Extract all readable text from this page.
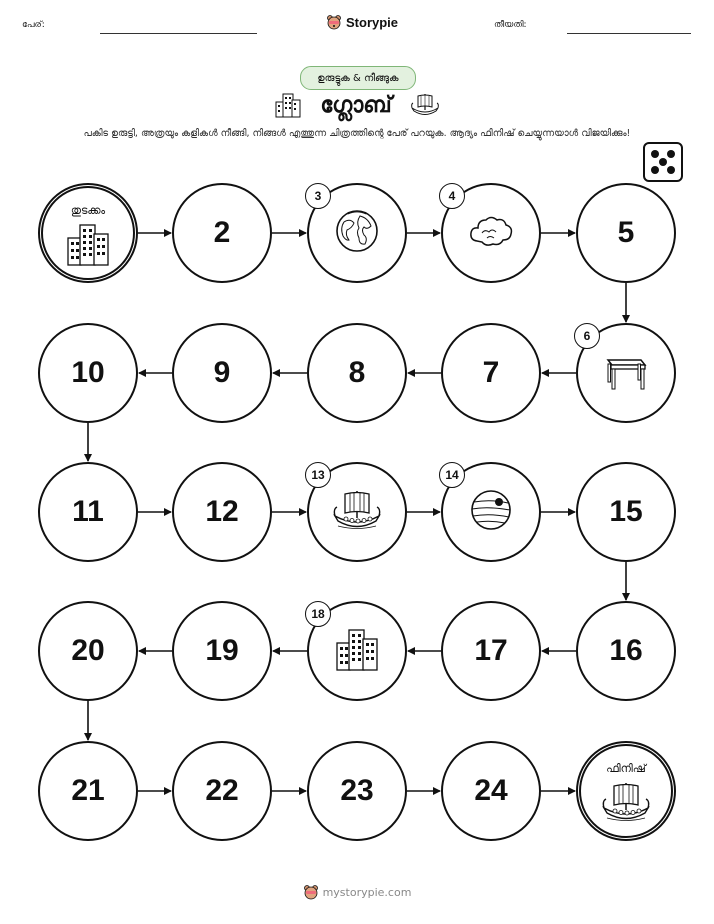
പേര്:	Storypie	തീയതി:
ഉരുട്ടുക & നീങ്ങുക
ഗ്ലോബ്
പകിട ഉരുട്ടി, അത്രയും കളികൾ നീങ്ങി, നിങ്ങൾ എത്തുന്ന ചിത്രത്തിന്റെ പേര് പറയുക. ആദ്യം ഫിനിഷ് ചെയ്യുന്നയാൾ വിജയിക്കും!
തുടക്കം
2
3	4
5
6
7
8
9
10
11	12
13	14
15
16
17
18
19
20
21	22	23	24
ഫിനിഷ്
mystorypie.com
